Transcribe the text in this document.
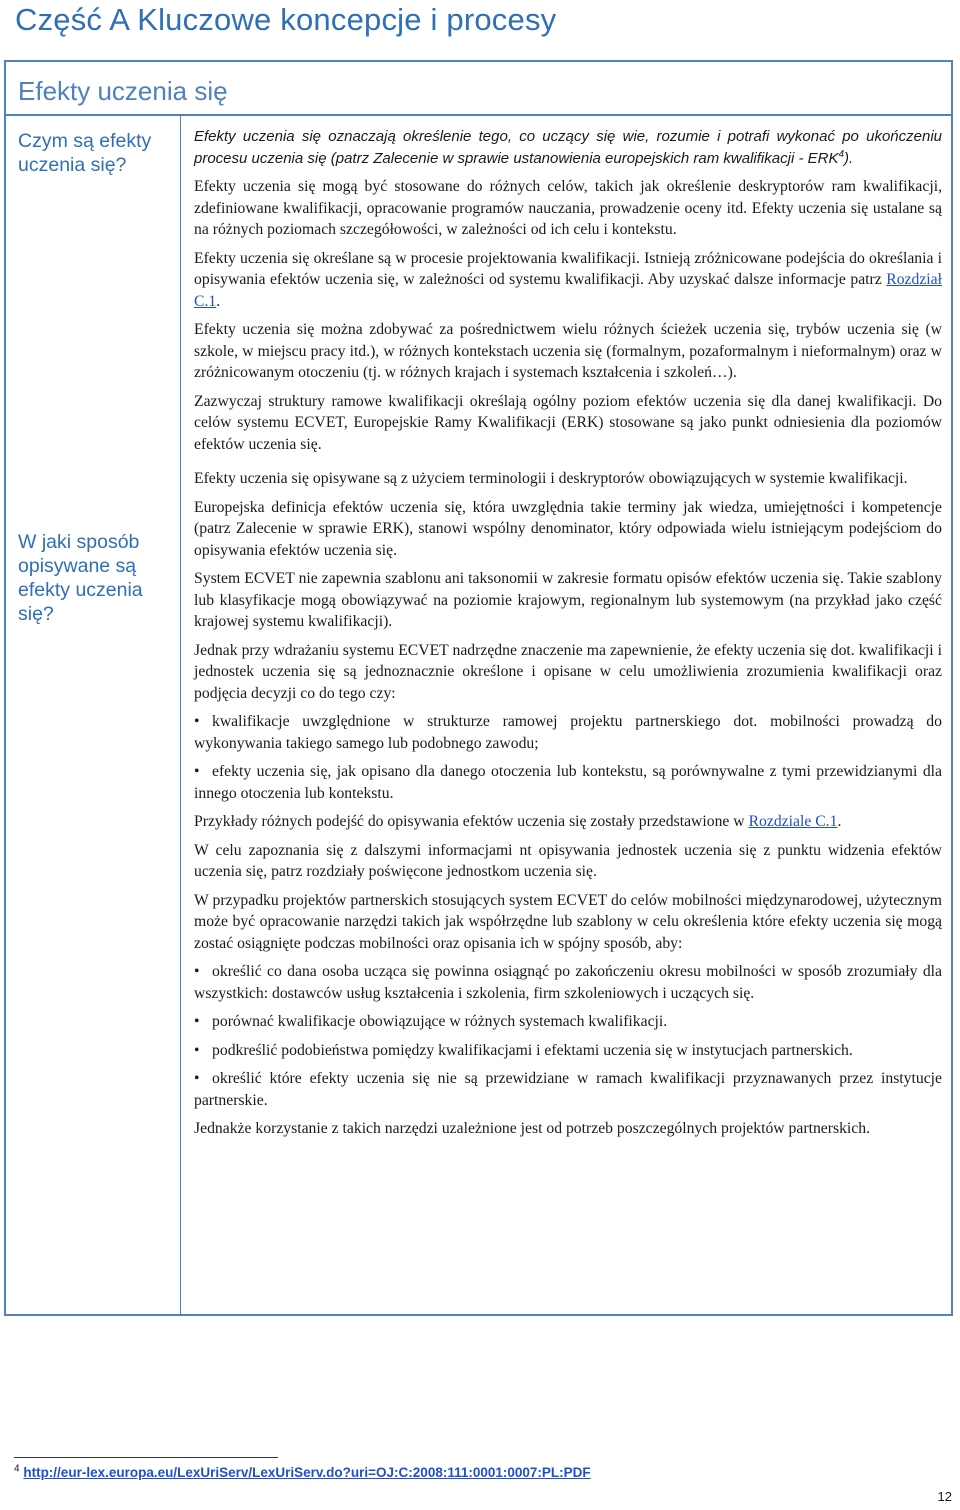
Część A Kluczowe koncepcje i procesy
Efekty uczenia się
Czym są efekty uczenia się?
W jaki sposób opisywane są efekty uczenia się?

Efekty uczenia się oznaczają określenie tego, co uczący się wie, rozumie i potrafi wykonać po ukończeniu procesu uczenia się (patrz Zalecenie w sprawie ustanowienia europejskich ram kwalifikacji - ERK$^4$).

Efekty uczenia się mogą być stosowane do różnych celów, takich jak określenie deskryptorów ram kwalifikacji, zdefiniowane kwalifikacji, opracowanie programów nauczania, prowadzenie oceny itd. Efekty uczenia się ustalane są na różnych poziomach szczegółowości, w zależności od ich celu i kontekstu.

Efekty uczenia się określane są w procesie projektowania kwalifikacji. Istnieją zróżnicowane podejścia do określania i opisywania efektów uczenia się, w zależności od systemu kwalifikacji. Aby uzyskać dalsze informacje patrz Rozdział C.1.

Efekty uczenia się można zdobywać za pośrednictwem wielu różnych ścieżek uczenia się, trybów uczenia się (w szkole, w miejscu pracy itd.), w różnych kontekstach uczenia się (formalnym, pozaformalnym i nieformalnym) oraz w zróżnicowanym otoczeniu (tj. w różnych krajach i systemach kształcenia i szkoleń…).

Zazwyczaj struktury ramowe kwalifikacji określają ogólny poziom efektów uczenia się dla danej kwalifikacji. Do celów systemu ECVET, Europejskie Ramy Kwalifikacji (ERK) stosowane są jako punkt odniesienia dla poziomów efektów uczenia się.

Efekty uczenia się opisywane są z użyciem terminologii i deskryptorów obowiązujących w systemie kwalifikacji.

Europejska definicja efektów uczenia się, która uwzględnia takie terminy jak wiedza, umiejętności i kompetencje (patrz Zalecenie w sprawie ERK), stanowi wspólny denominator, który odpowiada wielu istniejącym podejściom do opisywania efektów uczenia się.

System ECVET nie zapewnia szablonu ani taksonomii w zakresie formatu opisów efektów uczenia się. Takie szablony lub klasyfikacje mogą obowiązywać na poziomie krajowym, regionalnym lub systemowym (na przykład jako część krajowej systemu kwalifikacji).

Jednak przy wdrażaniu systemu ECVET nadrzędne znaczenie ma zapewnienie, że efekty uczenia się dot. kwalifikacji i jednostek uczenia się są jednoznacznie określone i opisane w celu umożliwienia zrozumienia kwalifikacji oraz podjęcia decyzji co do tego czy:

• kwalifikacje uwzględnione w strukturze ramowej projektu partnerskiego dot. mobilności prowadzą do wykonywania takiego samego lub podobnego zawodu;

• efekty uczenia się, jak opisano dla danego otoczenia lub kontekstu, są porównywalne z tymi przewidzianymi dla innego otoczenia lub kontekstu.

Przykłady różnych podejść do opisywania efektów uczenia się zostały przedstawione w Rozdziale C.1.

W celu zapoznania się z dalszymi informacjami nt opisywania jednostek uczenia się z punktu widzenia efektów uczenia się, patrz rozdziały poświęcone jednostkom uczenia się.

W przypadku projektów partnerskich stosujących system ECVET do celów mobilności międzynarodowej, użytecznym może być opracowanie narzędzi takich jak współrzędne lub szablony w celu określenia które efekty uczenia się mogą zostać osiągnięte podczas mobilności oraz opisania ich w spójny sposób, aby:

• określić co dana osoba ucząca się powinna osiągnąć po zakończeniu okresu mobilności w sposób zrozumiały dla wszystkich: dostawców usług kształcenia i szkolenia, firm szkoleniowych i uczących się.

• porównać kwalifikacje obowiązujące w różnych systemach kwalifikacji.

• podkreślić podobieństwa pomiędzy kwalifikacjami i efektami uczenia się w instytucjach partnerskich.

• określić które efekty uczenia się nie są przewidziane w ramach kwalifikacji przyznawanych przez instytucje partnerskie.

Jednakże korzystanie z takich narzędzi uzależnione jest od potrzeb poszczególnych projektów partnerskich.

$^4$ http://eur-lex.europa.eu/LexUriServ/LexUriServ.do?uri=OJ:C:2008:111:0001:0007:PL:PDF
12
